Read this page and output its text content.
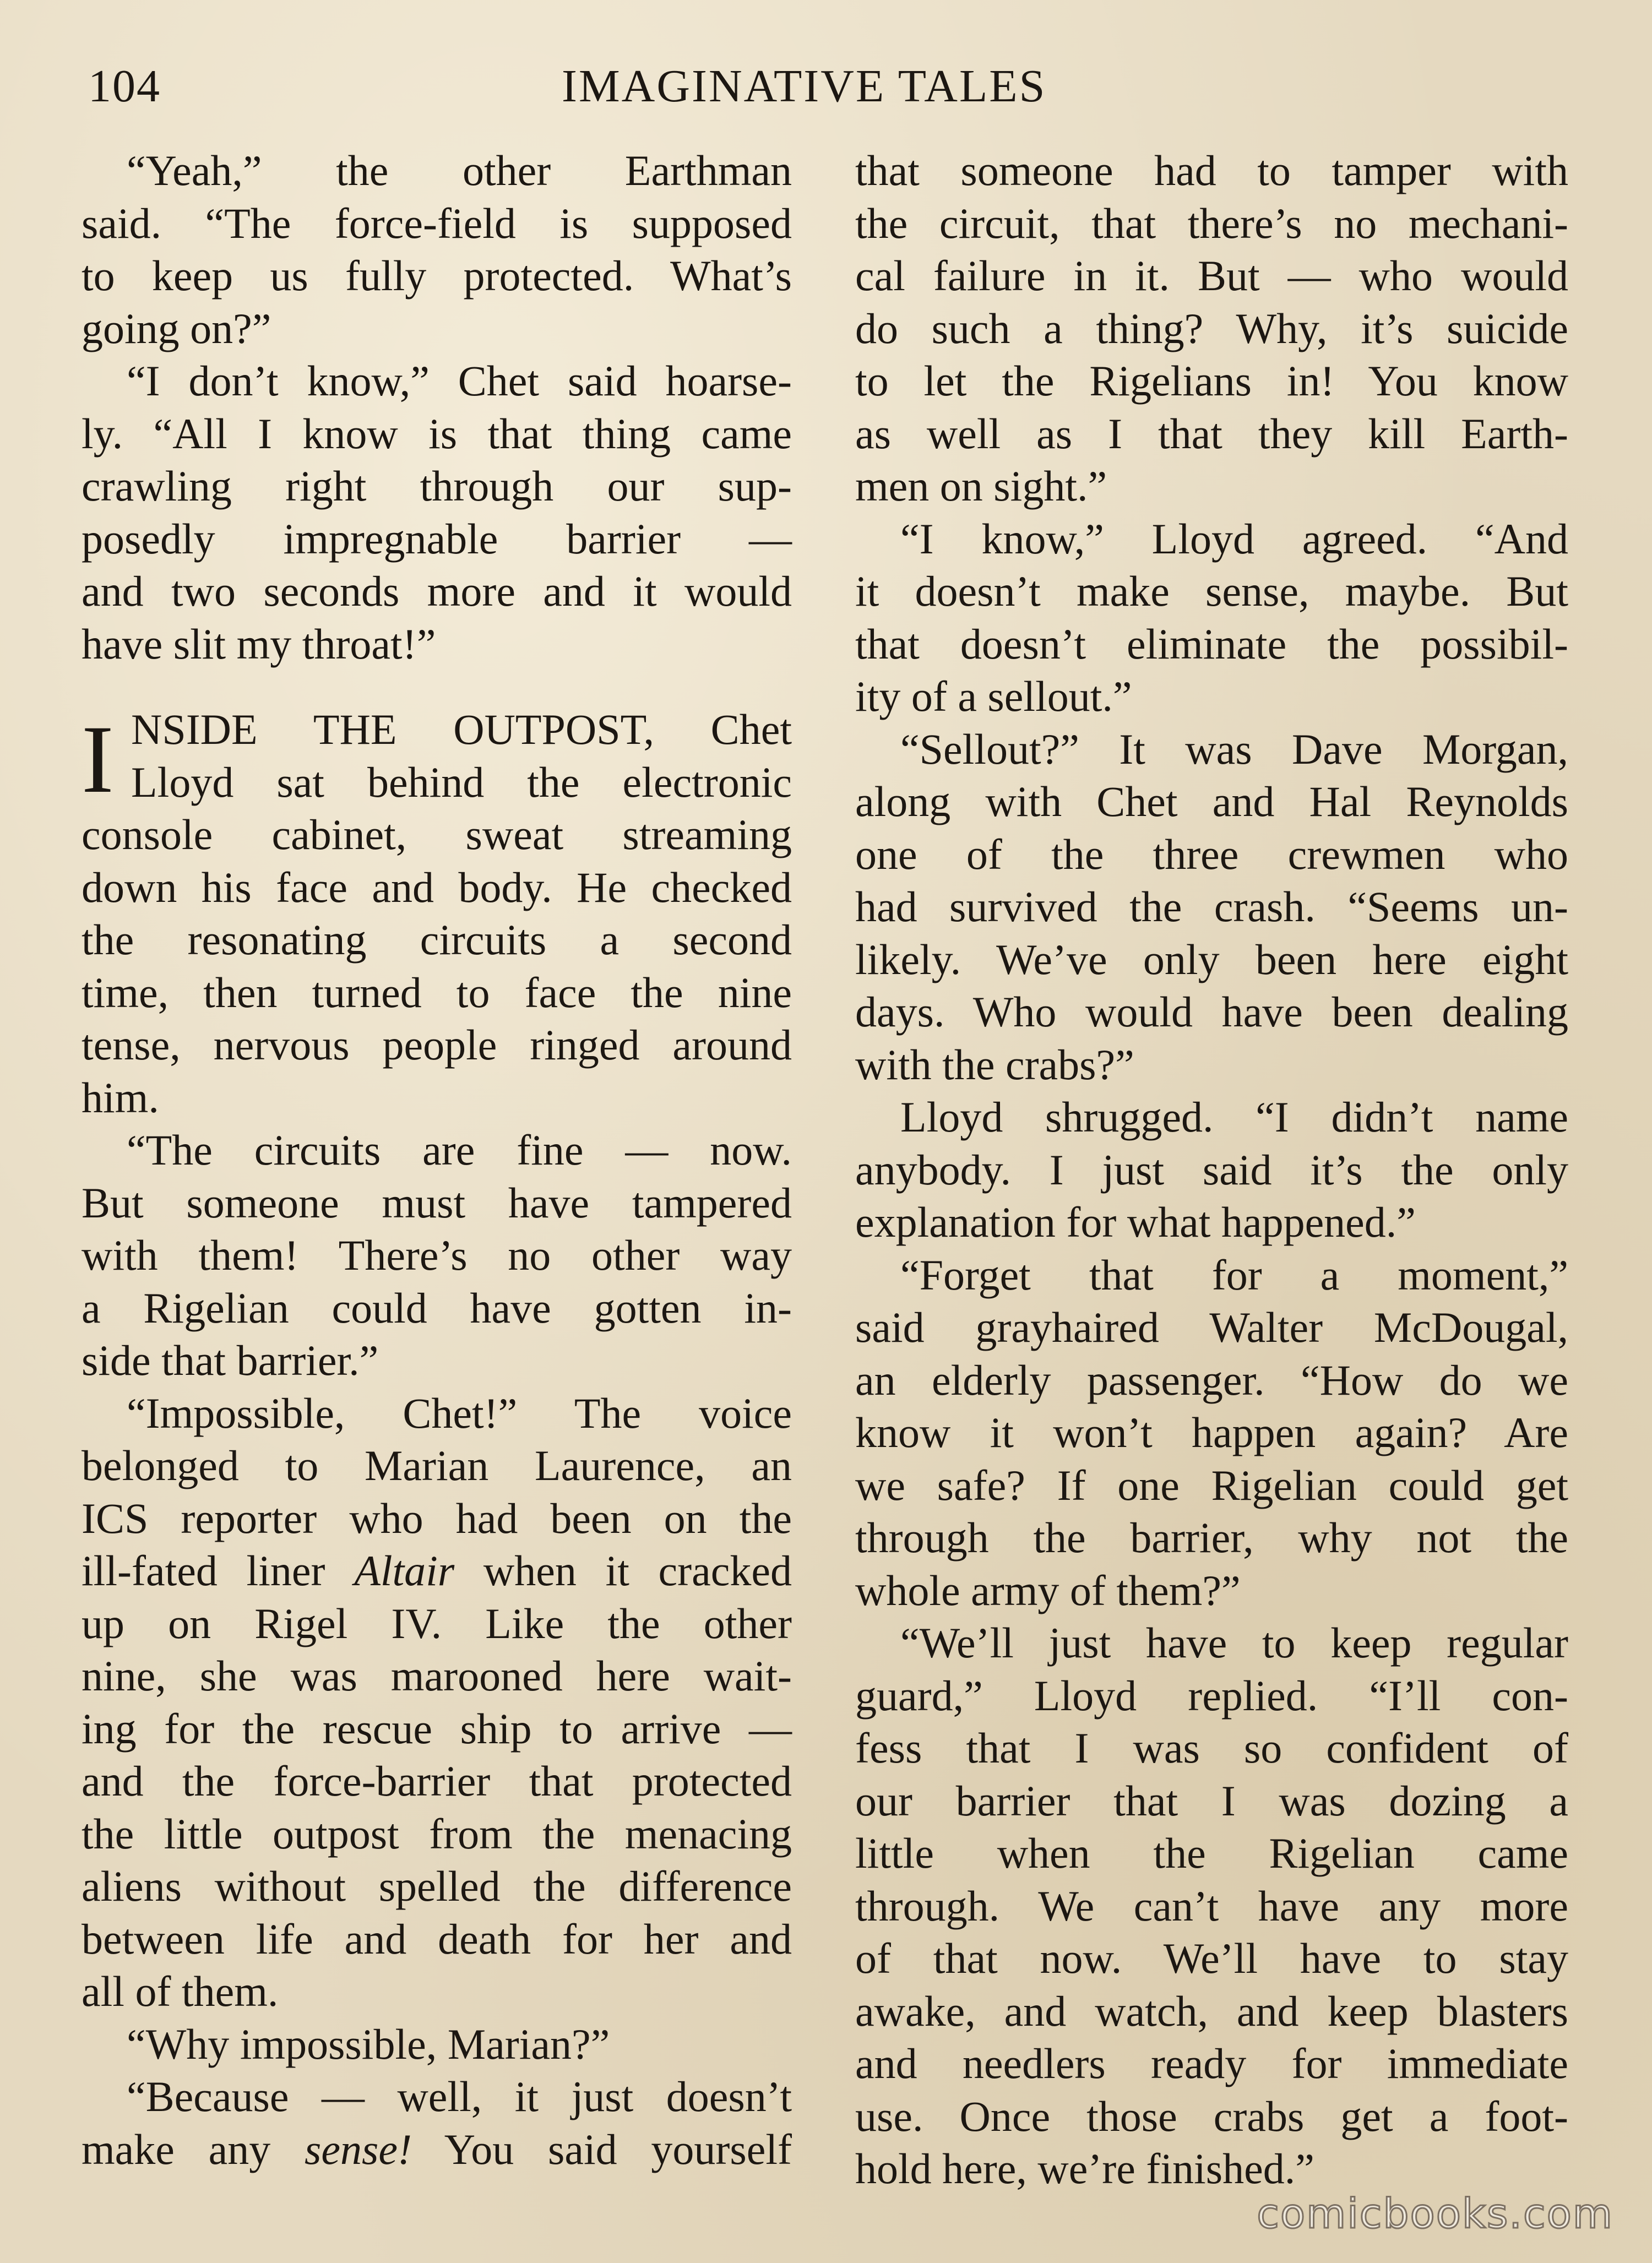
104	IMAGINATIVE TALES
“Yeah,” the other Earthman
said. “The force-field is supposed
to keep us fully protected. What’s
going on?”
“I don’t know,” Chet said hoarse-
ly. “All I know is that thing came
crawling right through our sup-
posedly impregnable barrier —
and two seconds more and it would
have slit my throat!”
I NSIDE THE OUTPOST, Chet
Lloyd sat behind the electronic
console cabinet, sweat streaming
down his face and body. He checked
the resonating circuits a second
time, then turned to face the nine
tense, nervous people ringed around
him.
“The circuits are fine — now.
But someone must have tampered
with them! There’s no other way
a Rigelian could have gotten in-
side that barrier.”
“Impossible, Chet!” The voice
belonged to Marian Laurence, an
ICS reporter who had been on the
ill-fated liner Altair when it cracked
up on Rigel IV. Like the other
nine, she was marooned here wait-
ing for the rescue ship to arrive —
and the force-barrier that protected
the little outpost from the menacing
aliens without spelled the difference
between life and death for her and
all of them.
“Why impossible, Marian?”
“Because — well, it just doesn’t
make any sense! You said yourself
that someone had to tamper with
the circuit, that there’s no mechani-
cal failure in it. But — who would
do such a thing? Why, it’s suicide
to let the Rigelians in! You know
as well as I that they kill Earth-
men on sight.”
“I know,” Lloyd agreed. “And
it doesn’t make sense, maybe. But
that doesn’t eliminate the possibil-
ity of a sellout.”
“Sellout?” It was Dave Morgan,
along with Chet and Hal Reynolds
one of the three crewmen who
had survived the crash. “Seems un-
likely. We’ve only been here eight
days. Who would have been dealing
with the crabs?”
Lloyd shrugged. “I didn’t name
anybody. I just said it’s the only
explanation for what happened.”
“Forget that for a moment,”
said grayhaired Walter McDougal,
an elderly passenger. “How do we
know it won’t happen again? Are
we safe? If one Rigelian could get
through the barrier, why not the
whole army of them?”
“We’ll just have to keep regular
guard,” Lloyd replied. “I’ll con-
fess that I was so confident of
our barrier that I was dozing a
little when the Rigelian came
through. We can’t have any more
of that now. We’ll have to stay
awake, and watch, and keep blasters
and needlers ready for immediate
use. Once those crabs get a foot-
hold here, we’re finished.”
comicbooks.com
